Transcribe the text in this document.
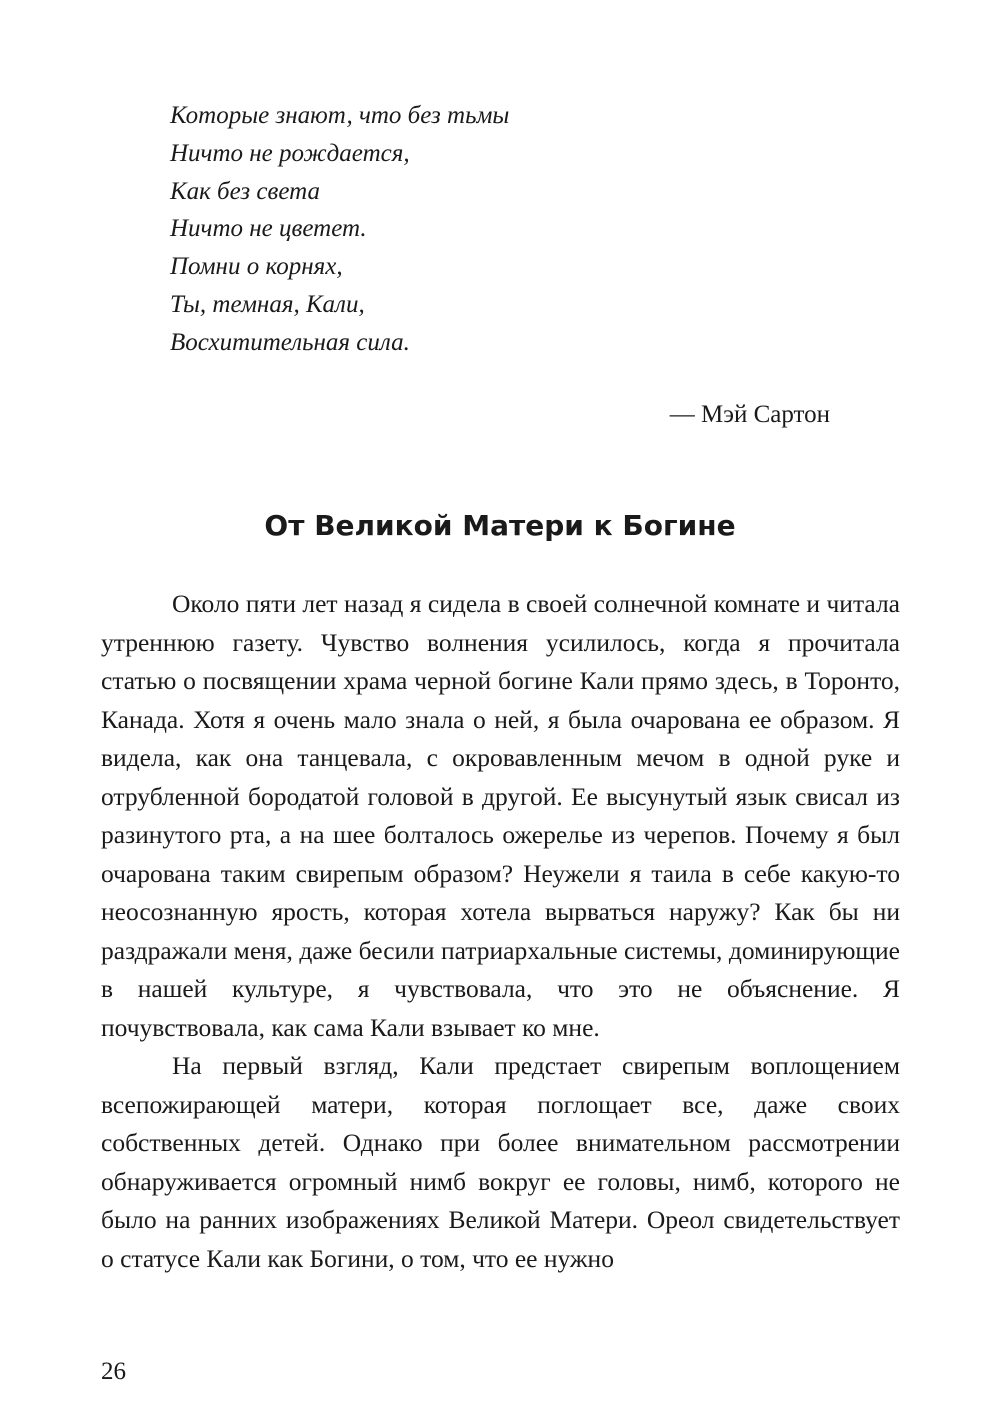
Которые знают, что без тьмы
Ничто не рождается,
Как без света
Ничто не цветет.
Помни о корнях,
Ты, темная, Кали,
Восхитительная сила.
— Мэй Сартон
От Великой Матери к Богине

Около пяти лет назад я сидела в своей солнечной комнате и читала утреннюю газету. Чувство волнения усилилось, когда я прочитала статью о посвящении храма черной богине Кали прямо здесь, в Торонто, Канада. Хотя я очень мало знала о ней, я была очарована ее образом. Я видела, как она танцевала, с окровавленным мечом в одной руке и отрубленной бородатой головой в другой. Ее высунутый язык свисал из разинутого рта, а на шее болталось ожерелье из черепов. Почему я был очарована таким свирепым образом? Неужели я таила в себе какую-то неосознанную ярость, которая хотела вырваться наружу? Как бы ни раздражали меня, даже бесили патриархальные системы, доминирующие в нашей культуре, я чувствовала, что это не объяснение. Я почувствовала, как сама Кали взывает ко мне.

На первый взгляд, Кали предстает свирепым воплощением всепожирающей матери, которая поглощает все, даже своих собственных детей. Однако при более внимательном рассмотрении обнаруживается огромный нимб вокруг ее головы, нимб, которого не было на ранних изображениях Великой Матери. Ореол свидетельствует о статусе Кали как Богини, о том, что ее нужно

26
